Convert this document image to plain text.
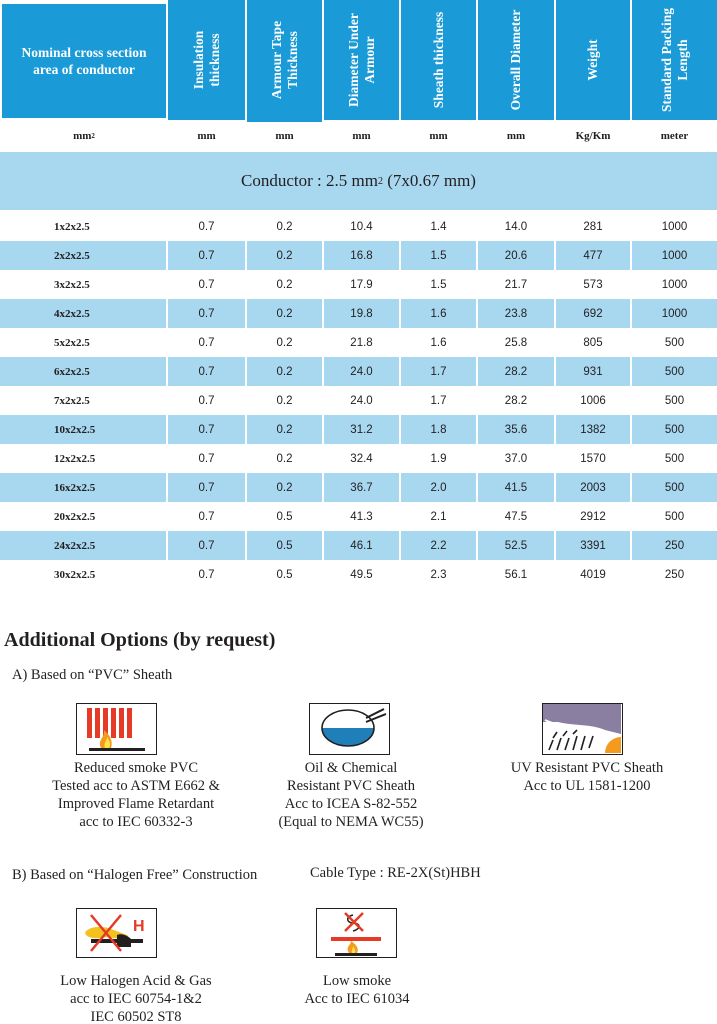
Nominal cross section area of conductor	Insulation thickness	Armour Tape Thickness	Diameter Under Armour	Sheath thickness	Overall Diameter	Weight	Standard Packing Length
mm 2	mm	mm	mm	mm	mm	Kg/Km	meter
Conductor : 2.5 mm 2 (7x0.67 mm)
1x2x2.5	0.7	0.2	10.4	1.4	14.0	281	1000
2x2x2.5	0.7	0.2	16.8	1.5	20.6	477	1000
3x2x2.5	0.7	0.2	17.9	1.5	21.7	573	1000
4x2x2.5	0.7	0.2	19.8	1.6	23.8	692	1000
5x2x2.5	0.7	0.2	21.8	1.6	25.8	805	500
6x2x2.5	0.7	0.2	24.0	1.7	28.2	931	500
7x2x2.5	0.7	0.2	24.0	1.7	28.2	1006	500
10x2x2.5	0.7	0.2	31.2	1.8	35.6	1382	500
12x2x2.5	0.7	0.2	32.4	1.9	37.0	1570	500
16x2x2.5	0.7	0.2	36.7	2.0	41.5	2003	500
20x2x2.5	0.7	0.5	41.3	2.1	47.5	2912	500
24x2x2.5	0.7	0.5	46.1	2.2	52.5	3391	250
30x2x2.5	0.7	0.5	49.5	2.3	56.1	4019	250
Additional Options (by request)
A) Based on “PVC” Sheath
Reduced smoke PVC
Tested acc to ASTM E662 &
Improved Flame Retardant
acc to IEC 60332-3
Oil & Chemical
Resistant PVC Sheath
Acc to ICEA S-82-552
(Equal to NEMA WC55)
UV Resistant PVC Sheath
Acc to UL 1581-1200
B) Based on “Halogen Free” Construction	Cable Type : RE-2X(St)HBH
H
Low Halogen Acid & Gas
acc to IEC 60754-1&2
IEC 60502 ST8
Low smoke
Acc to IEC 61034
